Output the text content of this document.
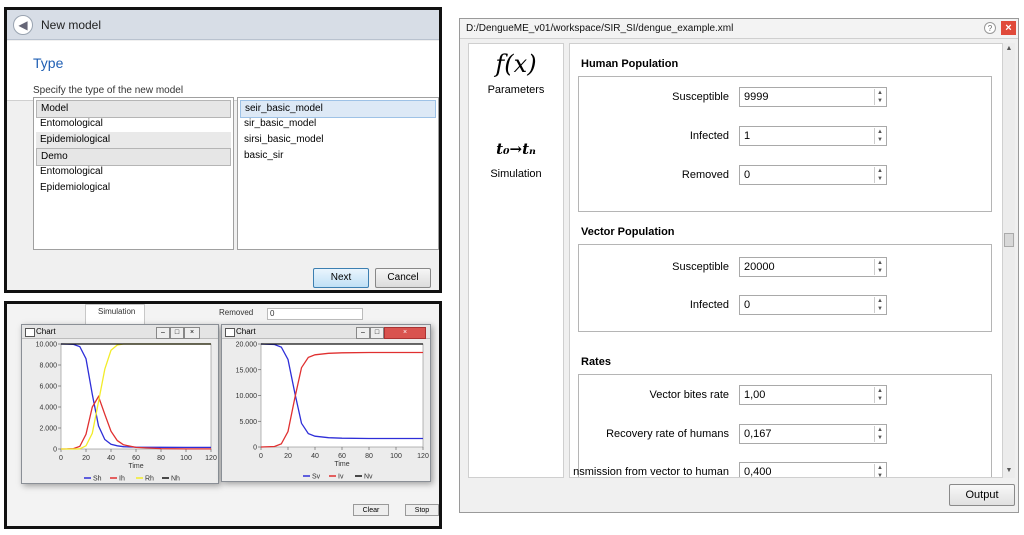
◀	New model
Type
Specify the type of the new model
Model
Entomological
Epidemiological
Demo
Entomological
Epidemiological
seir_basic_model
sir_basic_model
sirsi_basic_model
basic_sir
Next	Cancel
Simulation	Removed	0
Clear	Stop
Chart	–	□	×
0	20 40 60 80 100 120
0
2.000
4.000
6.000
8.000
10.000
Time
Sh Ih	Rh Nh
Chart	–	□	×
0	20	40	60	80 100 120
0
5.000
10.000
15.000
20.000
Time
Sv	Iv	Nv
D:/DengueME_v01/workspace/SIR_SI/dengue_example.xml	?	×
f(x)
Parameters
t₀→tₙ
Simulation
Human Population
Susceptible	9999	▲
▼
Infected	1	▲
▼
Removed	0	▲
▼
Vector Population
Susceptible	20000	▲
▼
Infected	0	▲
▼
Rates
Vector bites rate	1,00	▲
▼
Recovery rate of humans	0,167	▲
▼
nsmission from vector to human	0,400	▲
▼
▲
▼
Output
